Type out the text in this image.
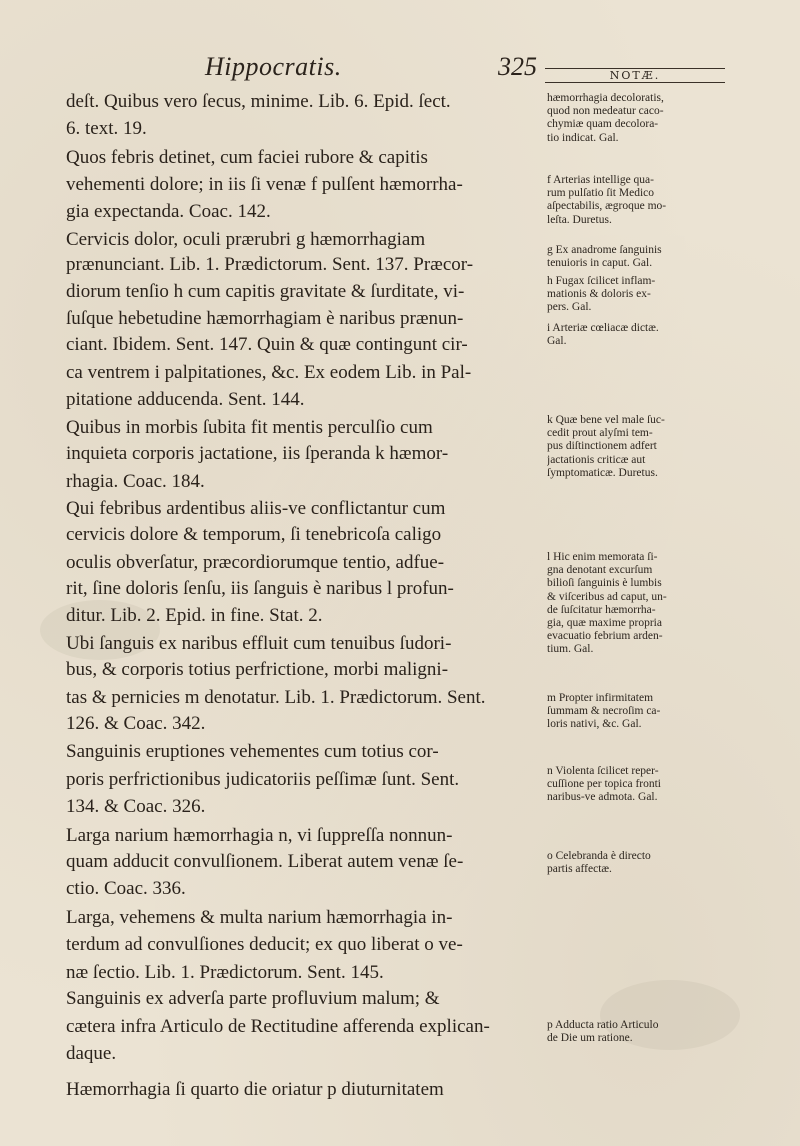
Hippocratis.	325	NOTÆ.
deſt. Quibus vero ſecus, minime. Lib. 6. Epid. ſect.
6. text. 19.
Quos febris detinet, cum faciei rubore & capitis
vehementi dolore; in iis ſi venæ f pulſent hæmorrha-
gia expectanda. Coac. 142.
Cervicis dolor, oculi prærubri g hæmorrhagiam
prænunciant. Lib. 1. Prædictorum. Sent. 137. Præcor-
diorum tenſio h cum capitis gravitate & ſurditate, vi-
ſuſque hebetudine hæmorrhagiam è naribus prænun-
ciant. Ibidem. Sent. 147. Quin & quæ contingunt cir-
ca ventrem i palpitationes, &c. Ex eodem Lib. in Pal-
pitatione adducenda. Sent. 144.
Quibus in morbis ſubita fit mentis perculſio cum
inquieta corporis jactatione, iis ſperanda k hæmor-
rhagia. Coac. 184.
Qui febribus ardentibus aliis-ve conflictantur cum
cervicis dolore & temporum, ſi tenebricoſa caligo
oculis obverſatur, præcordiorumque tentio, adfue-
rit, ſine doloris ſenſu, iis ſanguis è naribus l profun-
ditur. Lib. 2. Epid. in fine. Stat. 2.
Ubi ſanguis ex naribus effluit cum tenuibus ſudori-
bus, & corporis totius perfrictione, morbi maligni-
tas & pernicies m denotatur. Lib. 1. Prædictorum. Sent.
126. & Coac. 342.
Sanguinis eruptiones vehementes cum totius cor-
poris perfrictionibus judicatoriis peſſimæ ſunt. Sent.
134. & Coac. 326.
Larga narium hæmorrhagia n, vi ſuppreſſa nonnun-
quam adducit convulſionem. Liberat autem venæ ſe-
ctio. Coac. 336.
Larga, vehemens & multa narium hæmorrhagia in-
terdum ad convulſiones deducit; ex quo liberat o ve-
næ ſectio. Lib. 1. Prædictorum. Sent. 145.
Sanguinis ex adverſa parte profluvium malum; &
cætera infra Articulo de Rectitudine afferenda explican-
daque.
Hæmorrhagia ſi quarto die oriatur p diuturnitatem
hæmorrhagia decoloratis,
quod non medeatur caco-
chymiæ quam decolora-
tio indicat. Gal.
f Arterias intellige qua-
rum pulſatio ſit Medico
aſpectabilis, ægroque mo-
leſta. Duretus.
g Ex anadrome ſanguinis
tenuioris in caput. Gal.
h Fugax ſcilicet inflam-
mationis & doloris ex-
pers. Gal.
i Arteriæ cœliacæ dictæ.
Gal.
k Quæ bene vel male ſuc-
cedit prout alyſmi tem-
pus diſtinctionem adfert
jactationis criticæ aut
ſymptomaticæ. Duretus.
l Hic enim memorata ſi-
gna denotant excurſum
bilioſi ſanguinis è lumbis
& viſceribus ad caput, un-
de ſuſcitatur hæmorrha-
gia, quæ maxime propria
evacuatio febrium arden-
tium. Gal.
m Propter infirmitatem
ſummam & necroſim ca-
loris nativi, &c. Gal.
n Violenta ſcilicet reper-
cuſſione per topica fronti
naribus-ve admota. Gal.
o Celebranda è directo
partis affectæ.
p Adducta ratio Articulo
de Die um ratione.
